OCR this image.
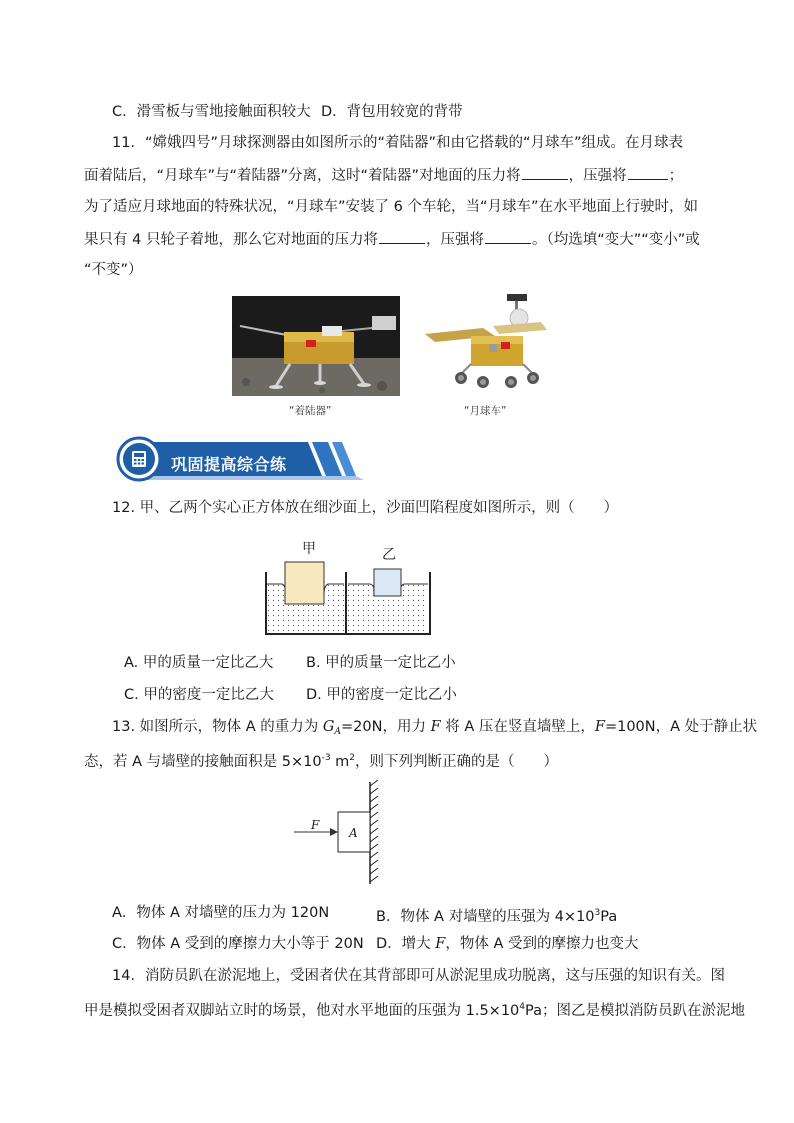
C．滑雪板与雪地接触面积较大 D．背包用较宽的背带
11．“嫦娥四号”月球探测器由如图所示的“着陆器”和由它搭载的“月球车”组成。在月球表
面着陆后，“月球车”与“着陆器”分离，这时“着陆器”对地面的压力将	，压强将	；
为了适应月球地面的特殊状况，“月球车”安装了 6 个车轮，当“月球车”在水平地面上行驶时，如
果只有 4 只轮子着地，那么它对地面的压力将	，压强将	。（均选填“变大”“变小”或
“不变”）
“着陆器”	“月球车”
巩固提高综合练
12. 甲、乙两个实心正方体放在细沙面上，沙面凹陷程度如图所示，则（　　）
甲	乙
A. 甲的质量一定比乙大 B. 甲的质量一定比乙小
C. 甲的密度一定比乙大 D. 甲的密度一定比乙小
13. 如图所示，物体 A 的重力为 $G_A=20N$，用力 F 将 A 压在竖直墙壁上，F=100N，A 处于静止状
态，若 A 与墙壁的接触面积是 $5\times 10^{-3}$ $m^2$，则下列判断正确的是（　　）
F
A
A．物体 A 对墙壁的压力为 120N	B．物体 A 对墙壁的压强为 $4\times 10^3Pa$
C．物体 A 受到的摩擦力大小等于 20N D．增大 F，物体 A 受到的摩擦力也变大
14．消防员趴在淤泥地上，受困者伏在其背部即可从淤泥里成功脱离，这与压强的知识有关。图
甲是模拟受困者双脚站立时的场景，他对水平地面的压强为 $1.5\times 10^4Pa$；图乙是模拟消防员趴在淤泥地
